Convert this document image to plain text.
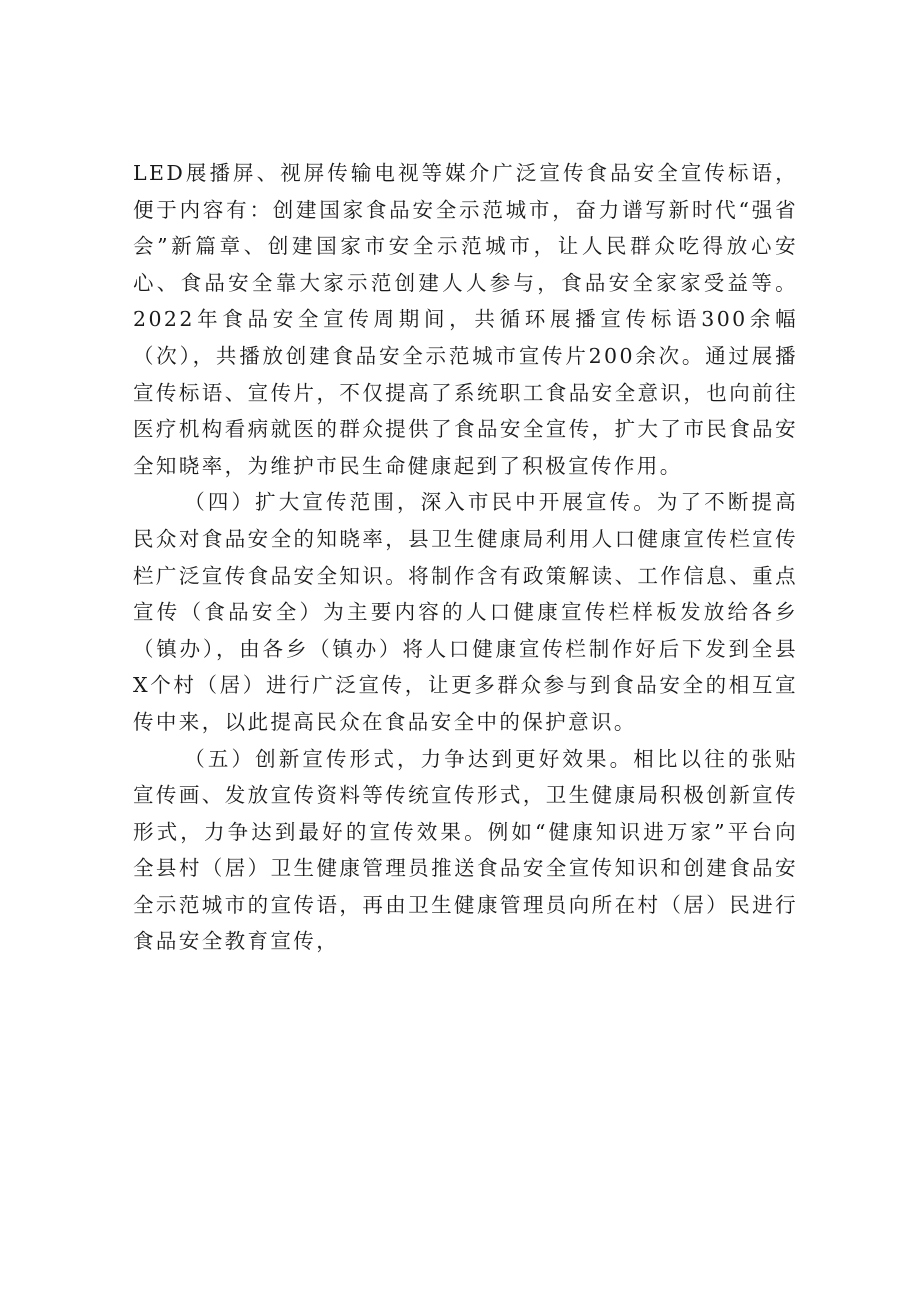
LED展播屏、视屏传输电视等媒介广泛宣传食品安全宣传标语，便于内容有：创建国家食品安全示范城市，奋力谱写新时代“强省会”新篇章、创建国家市安全示范城市，让人民群众吃得放心安心、食品安全靠大家示范创建人人参与，食品安全家家受益等。2022年食品安全宣传周期间，共循环展播宣传标语300余幅（次），共播放创建食品安全示范城市宣传片200余次。通过展播宣传标语、宣传片，不仅提高了系统职工食品安全意识，也向前往医疗机构看病就医的群众提供了食品安全宣传，扩大了市民食品安全知晓率，为维护市民生命健康起到了积极宣传作用。

（四）扩大宣传范围，深入市民中开展宣传。为了不断提高民众对食品安全的知晓率，县卫生健康局利用人口健康宣传栏宣传栏广泛宣传食品安全知识。将制作含有政策解读、工作信息、重点宣传（食品安全）为主要内容的人口健康宣传栏样板发放给各乡（镇办），由各乡（镇办）将人口健康宣传栏制作好后下发到全县X个村（居）进行广泛宣传，让更多群众参与到食品安全的相互宣传中来，以此提高民众在食品安全中的保护意识。

（五）创新宣传形式，力争达到更好效果。相比以往的张贴宣传画、发放宣传资料等传统宣传形式，卫生健康局积极创新宣传形式，力争达到最好的宣传效果。例如“健康知识进万家”平台向全县村（居）卫生健康管理员推送食品安全宣传知识和创建食品安全示范城市的宣传语，再由卫生健康管理员向所在村（居）民进行食品安全教育宣传，
